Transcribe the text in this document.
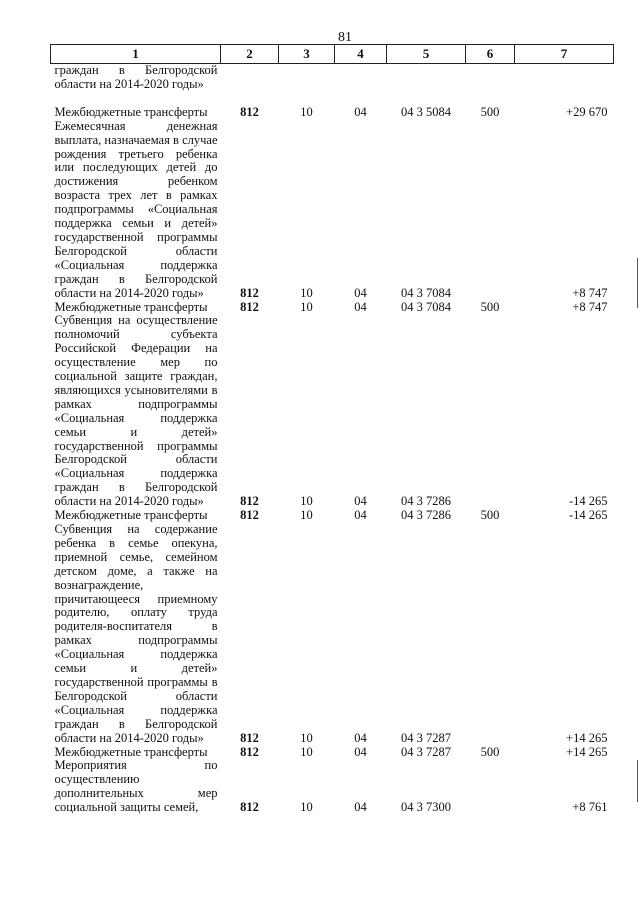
81
1	2	3	4	5	6	7
граждан в Белгородской области на 2014-2020 годы»						

Межбюджетные трансферты	812	10	04	04 3 5084	500	+29 670
Ежемесячная денежная выплата, назначаемая в случае рождения третьего ребенка или последующих детей до достижения ребенком возраста трех лет в рамках подпрограммы «Социальная поддержка семьи и детей» государственной программы Белгородской области «Социальная поддержка граждан в Белгородской области на 2014-2020 годы»	812	10	04	04 3 7084		+8 747
Межбюджетные трансферты	812	10	04	04 3 7084	500	+8 747
Субвенция на осуществление полномочий субъекта Российской Федерации на осуществление мер по социальной защите граждан, являющихся усыновителями в рамках подпрограммы «Социальная поддержка семьи и детей» государственной программы Белгородской области «Социальная поддержка граждан в Белгородской области на 2014-2020 годы»	812	10	04	04 3 7286		-14 265
Межбюджетные трансферты	812	10	04	04 3 7286	500	-14 265
Субвенция на содержание ребенка в семье опекуна, приемной семье, семейном детском доме, а также на вознаграждение, причитающееся приемному родителю, оплату труда родителя-воспитателя в рамках подпрограммы «Социальная поддержка семьи и детей» государственной программы в Белгородской области «Социальная поддержка граждан в Белгородской области на 2014-2020 годы»	812	10	04	04 3 7287		+14 265
Межбюджетные трансферты	812	10	04	04 3 7287	500	+14 265
Мероприятия по осуществлению дополнительных мер социальной защиты семей,	812	10	04	04 3 7300		+8 761
